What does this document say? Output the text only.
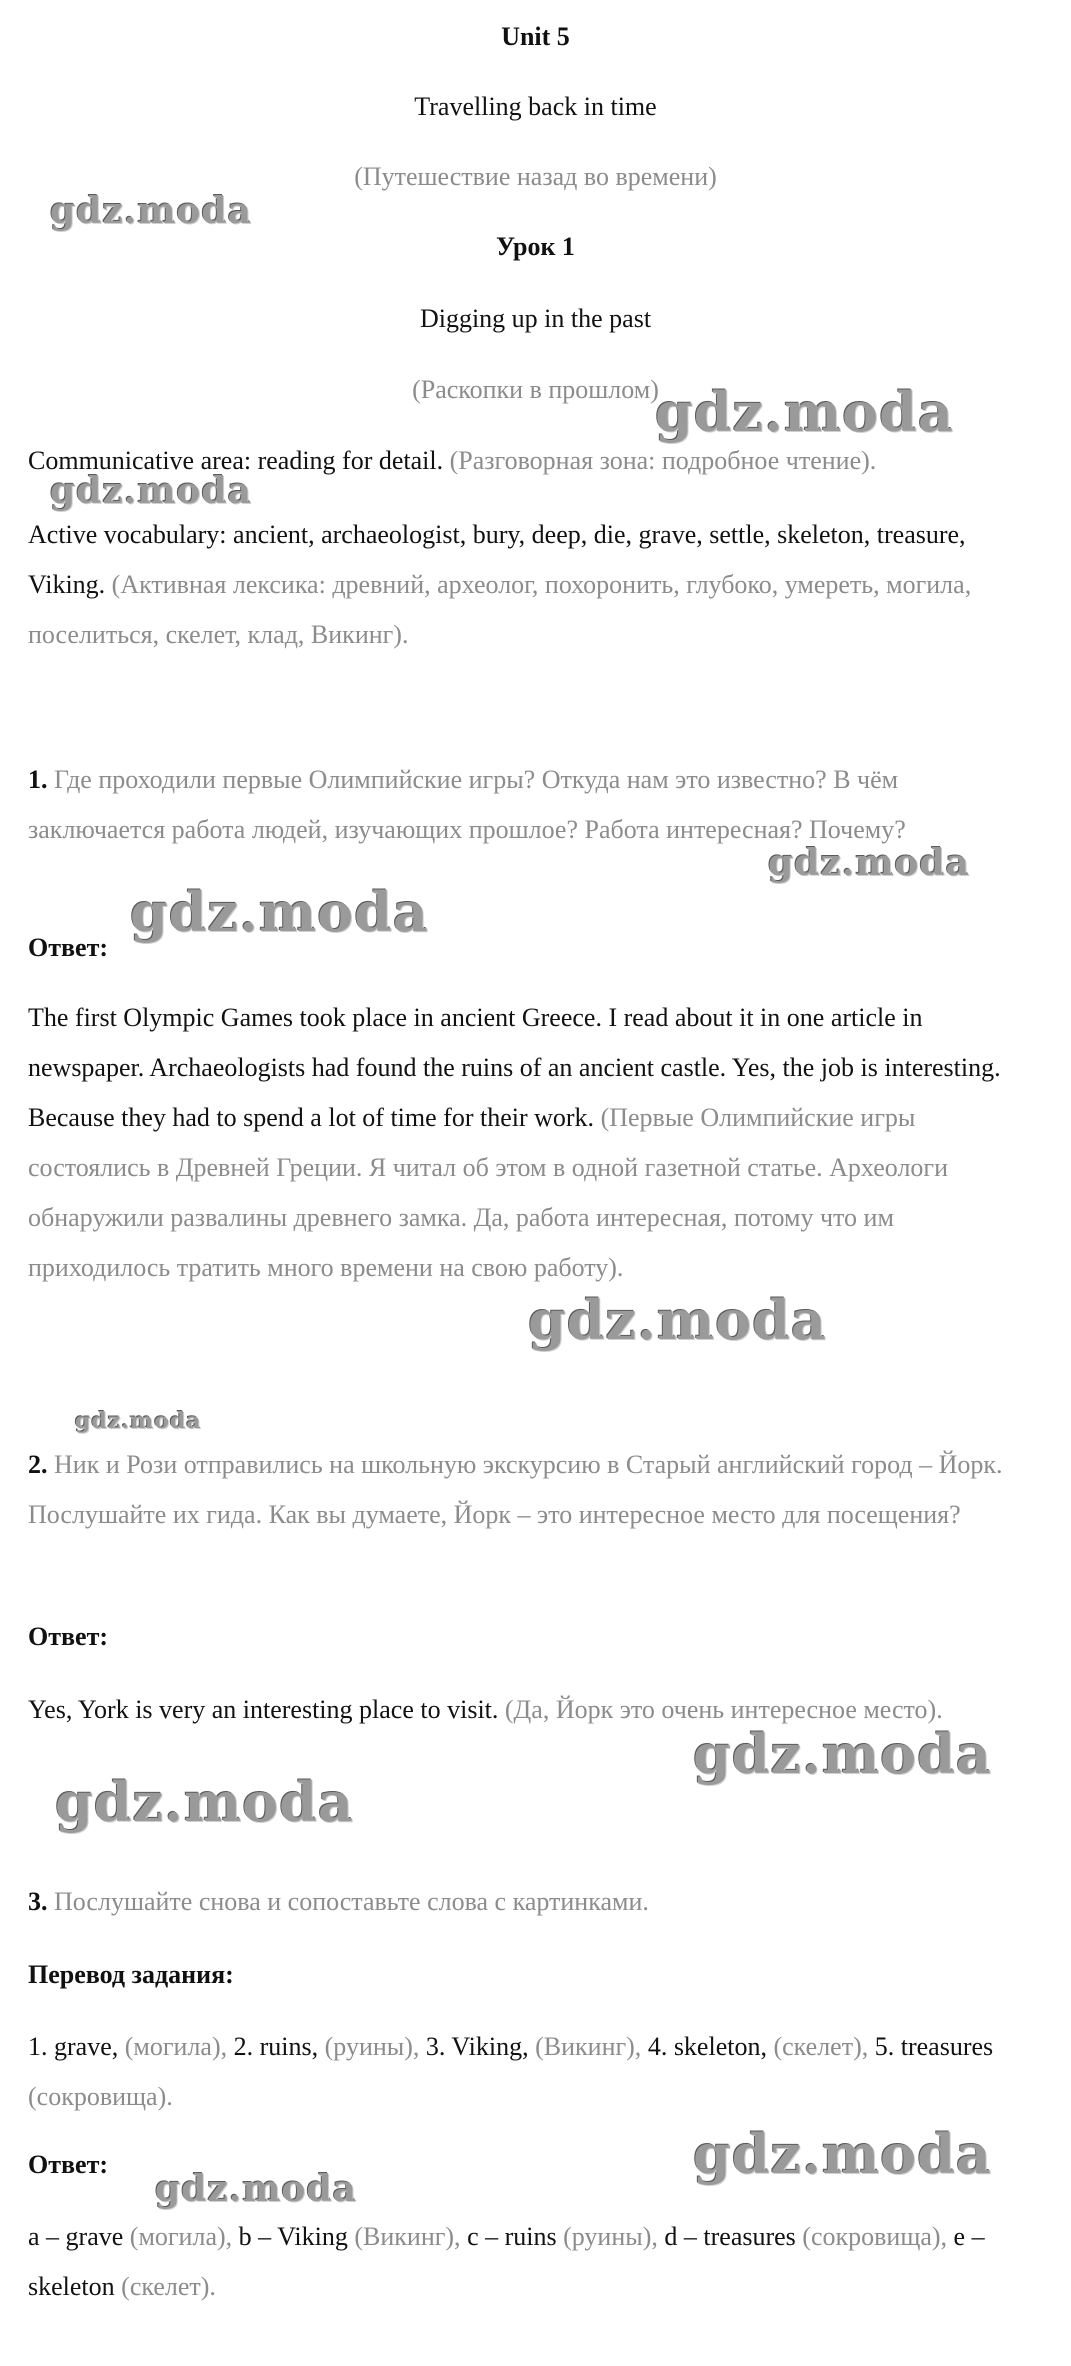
Unit 5
Travelling back in time
(Путешествие назад во времени)
Урок 1
Digging up in the past
(Раскопки в прошлом)
Communicative area: reading for detail. (Разговорная зона: подробное чтение).
Active vocabulary: ancient, archaeologist, bury, deep, die, grave, settle, skeleton, treasure, Viking. (Активная лексика: древний, археолог, похоронить, глубоко, умереть, могила, поселиться, скелет, клад, Викинг).
1. Где проходили первые Олимпийские игры? Откуда нам это известно? В чём заключается работа людей, изучающих прошлое? Работа интересная? Почему?
Ответ:
The first Olympic Games took place in ancient Greece. I read about it in one article in newspaper. Archaeologists had found the ruins of an ancient castle. Yes, the job is interesting. Because they had to spend a lot of time for their work. (Первые Олимпийские игры состоялись в Древней Греции. Я читал об этом в одной газетной статье. Археологи обнаружили развалины древнего замка. Да, работа интересная, потому что им приходилось тратить много времени на свою работу).
2. Ник и Рози отправились на школьную экскурсию в Старый английский город – Йорк. Послушайте их гида. Как вы думаете, Йорк – это интересное место для посещения?
Ответ:
Yes, York is very an interesting place to visit. (Да, Йорк это очень интересное место).
3. Послушайте снова и сопоставьте слова с картинками.
Перевод задания:
1. grave, (могила), 2. ruins, (руины), 3. Viking, (Викинг), 4. skeleton, (скелет), 5. treasures (сокровища).
Ответ:
a – grave (могила), b – Viking (Викинг), c – ruins (руины), d – treasures (сокровища), e – skeleton (скелет).
gdz.moda
gdz.moda
gdz.moda
gdz.moda
gdz.moda
gdz.moda
gdz.moda
gdz.moda
gdz.moda
gdz.moda
gdz.moda
